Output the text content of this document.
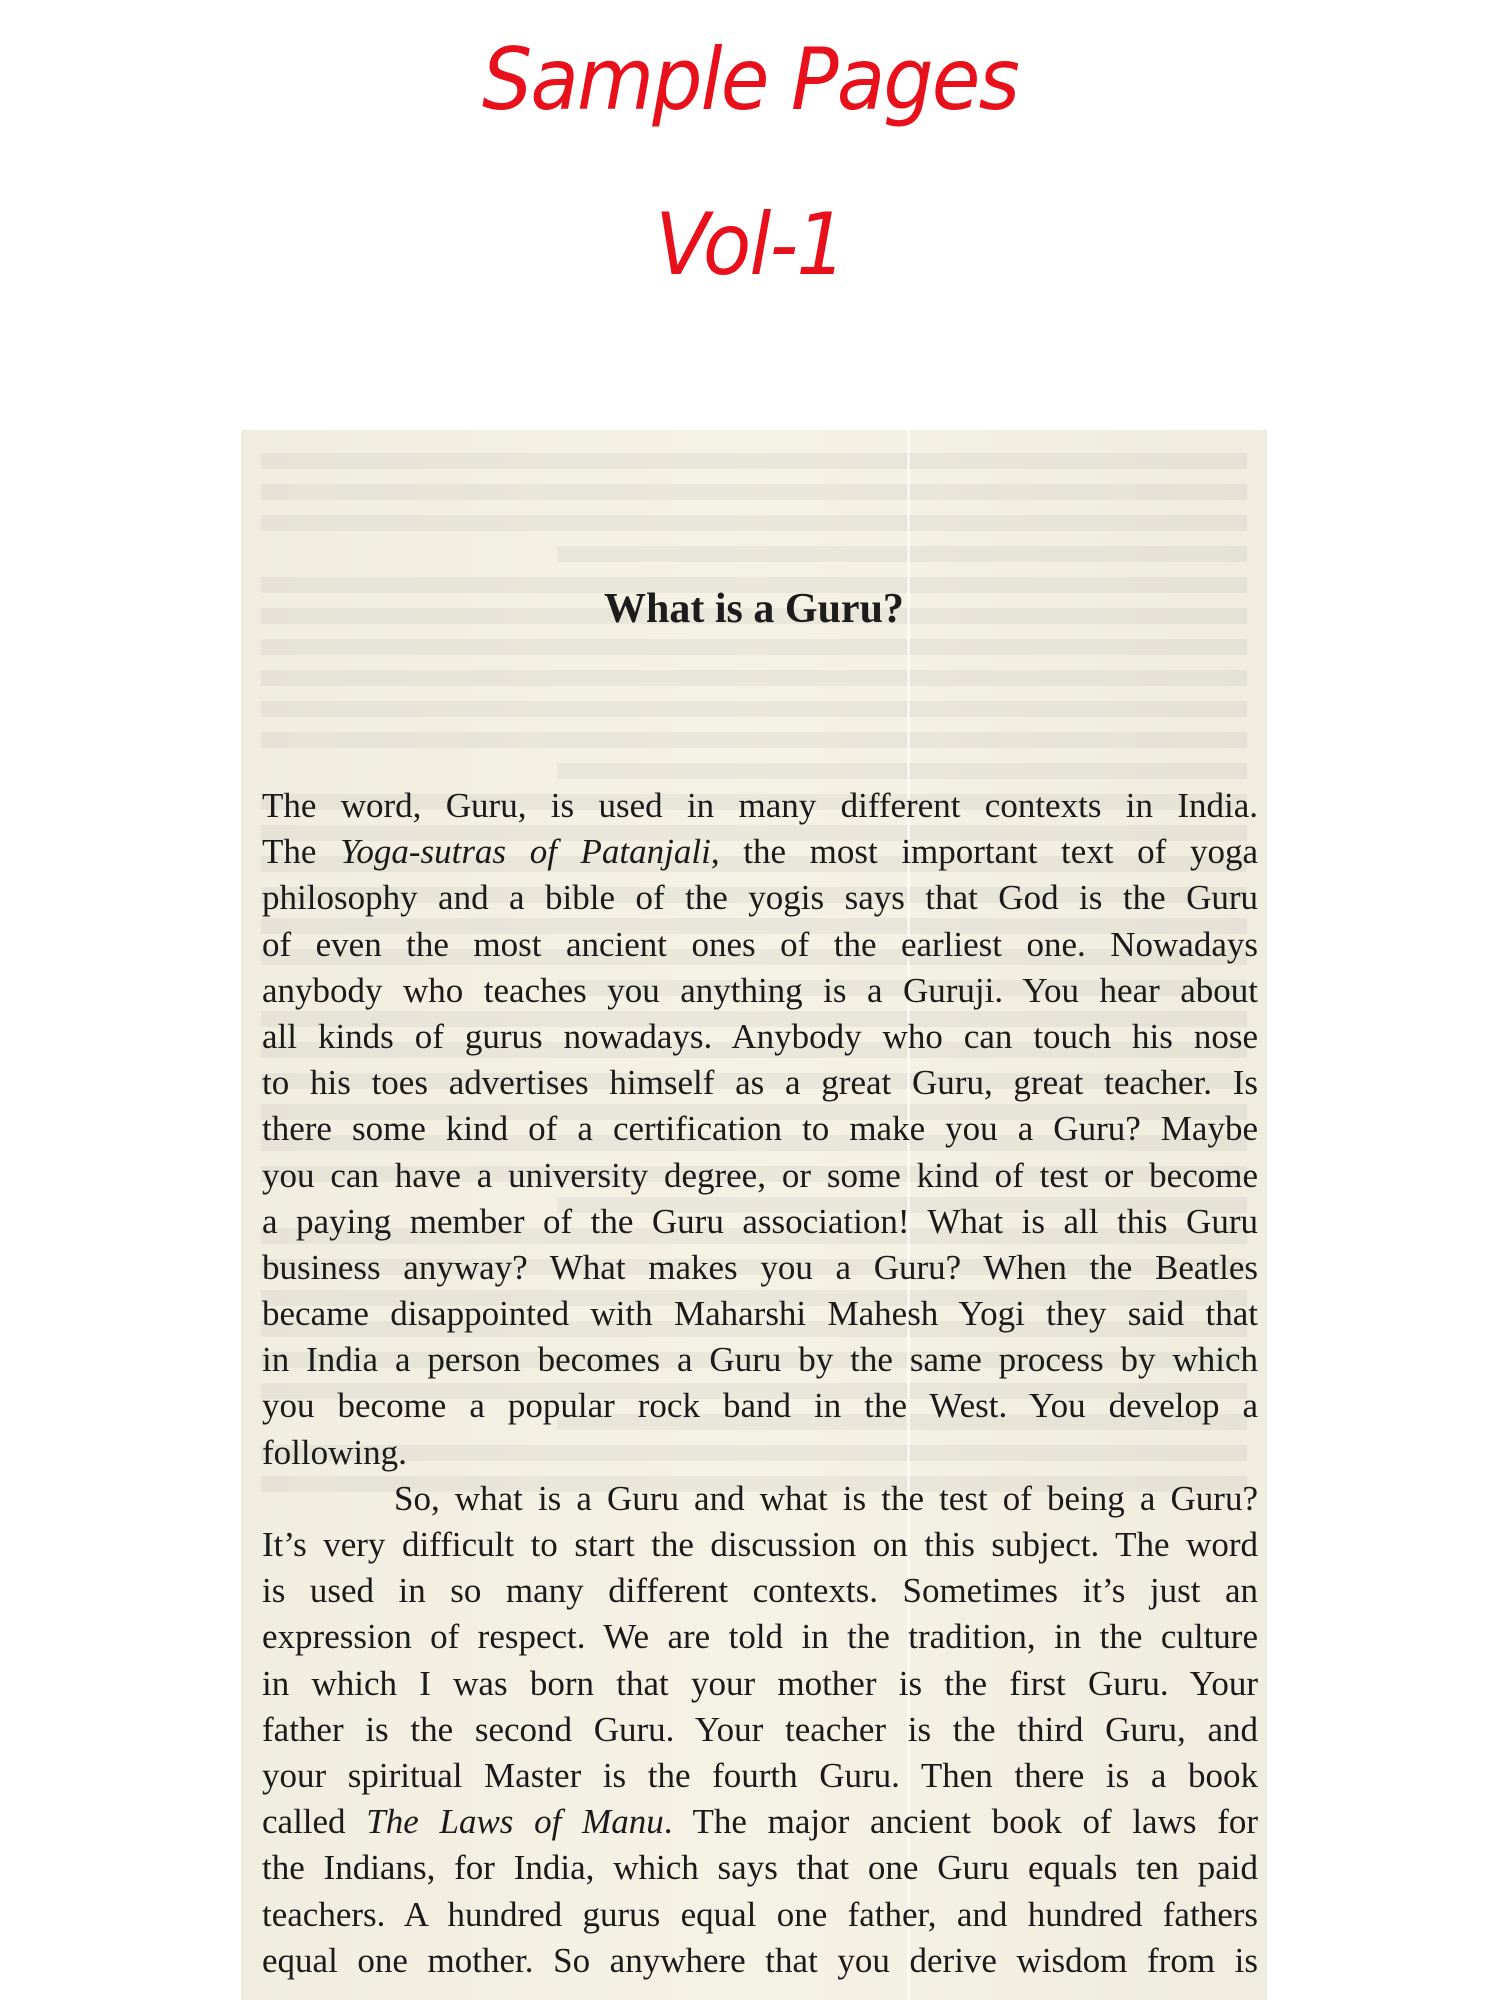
Sample Pages
Vol-1
What is a Guru?
The word, Guru, is used in many different contexts in India.
The Yoga-sutras of Patanjali, the most important text of yoga
philosophy and a bible of the yogis says that God is the Guru
of even the most ancient ones of the earliest one. Nowadays
anybody who teaches you anything is a Guruji. You hear about
all kinds of gurus nowadays. Anybody who can touch his nose
to his toes advertises himself as a great Guru, great teacher. Is
there some kind of a certification to make you a Guru? Maybe
you can have a university degree, or some kind of test or become
a paying member of the Guru association! What is all this Guru
business anyway? What makes you a Guru? When the Beatles
became disappointed with Maharshi Mahesh Yogi they said that
in India a person becomes a Guru by the same process by which
you become a popular rock band in the West. You develop a
following.
So, what is a Guru and what is the test of being a Guru?
It’s very difficult to start the discussion on this subject. The word
is used in so many different contexts. Sometimes it’s just an
expression of respect. We are told in the tradition, in the culture
in which I was born that your mother is the first Guru. Your
father is the second Guru. Your teacher is the third Guru, and
your spiritual Master is the fourth Guru. Then there is a book
called The Laws of Manu. The major ancient book of laws for
the Indians, for India, which says that one Guru equals ten paid
teachers. A hundred gurus equal one father, and hundred fathers
equal one mother. So anywhere that you derive wisdom from is
